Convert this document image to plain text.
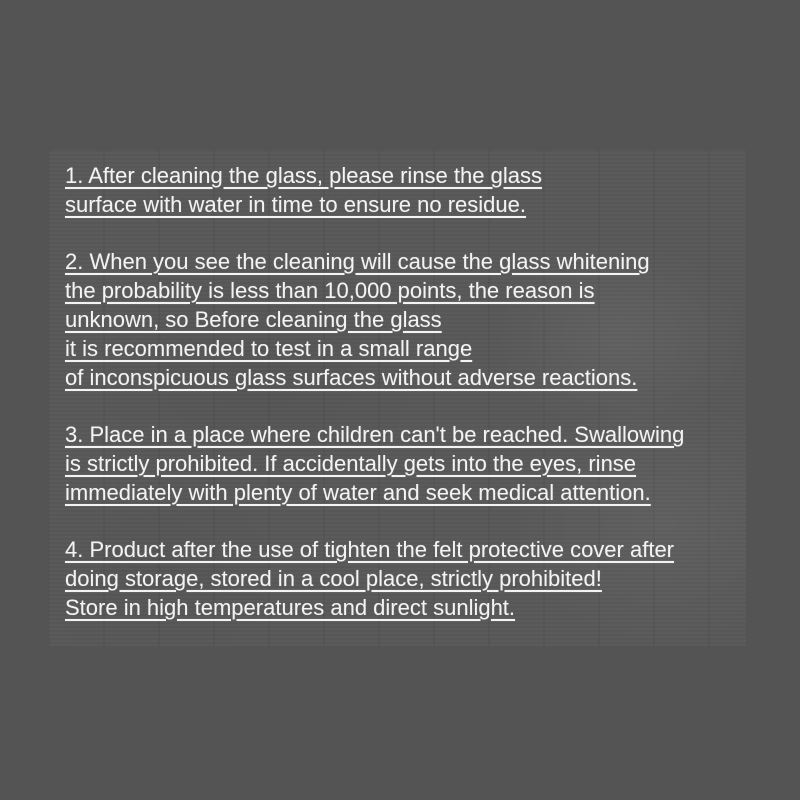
1. After cleaning the glass, please rinse the glass
surface with water in time to ensure no residue.
2. When you see the cleaning will cause the glass whitening
the probability is less than 10,000 points, the reason is
unknown, so Before cleaning the glass
it is recommended to test in a small range
of inconspicuous glass surfaces without adverse reactions.
3. Place in a place where children can't be reached. Swallowing
is strictly prohibited. If accidentally gets into the eyes, rinse
immediately with plenty of water and seek medical attention.
4. Product after the use of tighten the felt protective cover after
doing storage, stored in a cool place, strictly prohibited!
Store in high temperatures and direct sunlight.
